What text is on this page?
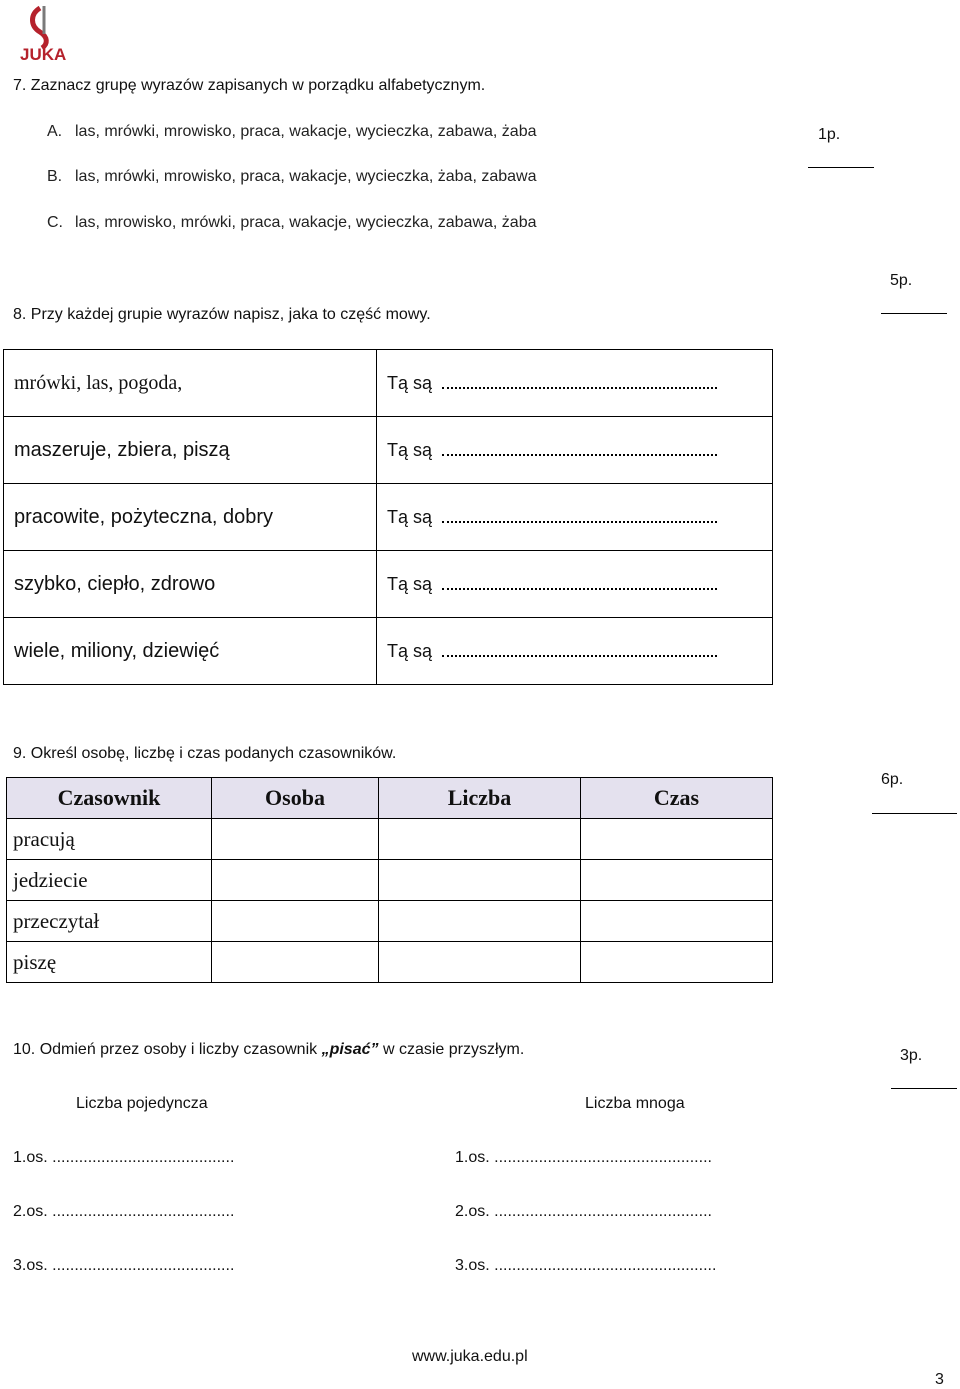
JUKA
7. Zaznacz grupę wyrazów zapisanych w porządku alfabetycznym.
A. las, mrówki, mrowisko, praca, wakacje, wycieczka, zabawa, żaba
B. las, mrówki, mrowisko, praca, wakacje, wycieczka, żaba, zabawa
C. las, mrowisko, mrówki, praca, wakacje, wycieczka, zabawa, żaba
1p.
5p.
8. Przy każdej grupie wyrazów napisz, jaka to część mowy.
mrówki, las, pogoda,	Tą są
maszeruje, zbiera, piszą	Tą są
pracowite, pożyteczna, dobry	Tą są
szybko, ciepło, zdrowo	Tą są
wiele, miliony, dziewięć	Tą są
9. Określ osobę, liczbę i czas podanych czasowników.
6p.
Czasownik	Osoba	Liczba	Czas
pracują			
jedziecie			
przeczytał			
piszę			
10. Odmień przez osoby i liczby czasownik „pisać” w czasie przyszłym.	3p.
Liczba pojedyncza	Liczba mnoga
1.os. .........................................
2.os. .........................................
3.os. .........................................
1.os. .................................................
2.os. .................................................
3.os. ..................................................
www.juka.edu.pl
3
